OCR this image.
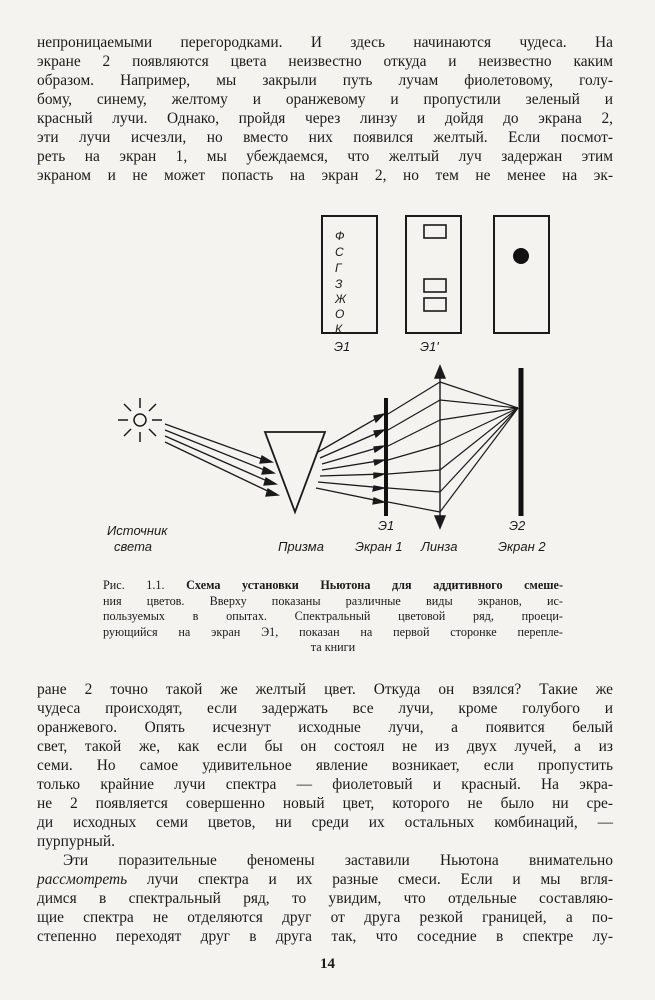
непроницаемыми перегородками. И здесь начинаются чудеса. На
экране 2 появляются цвета неизвестно откуда и неизвестно каким
образом. Например, мы закрыли путь лучам фиолетовому, голу-
бому, синему, желтому и оранжевому и пропустили зеленый и
красный лучи. Однако, пройдя через линзу и дойдя до экрана 2,
эти лучи исчезли, но вместо них появился желтый. Если посмот-
реть на экран 1, мы убеждаемся, что желтый луч задержан этим
экраном и не может попасть на экран 2, но тем не менее на эк-
Ф
С
Г
З
Ж
О
К
Э1	Э1'
Источник
света	Призма
Э1
Экран 1 Линза
Э2
Экран 2
Рис. 1.1. Схема установки Ньютона для аддитивного смеше-
ния цветов. Вверху показаны различные виды экранов, ис-
пользуемых в опытах. Спектральный цветовой ряд, проеци-
рующийся на экран Э1, показан на первой сторонке перепле-
та книги
ране 2 точно такой же желтый цвет. Откуда он взялся? Такие же
чудеса происходят, если задержать все лучи, кроме голубого и
оранжевого. Опять исчезнут исходные лучи, а появится белый
свет, такой же, как если бы он состоял не из двух лучей, а из
семи. Но самое удивительное явление возникает, если пропустить
только крайние лучи спектра — фиолетовый и красный. На экра-
не 2 появляется совершенно новый цвет, которого не было ни сре-
ди исходных семи цветов, ни среди их остальных комбинаций, —
пурпурный.
Эти поразительные феномены заставили Ньютона внимательно
рассмотреть лучи спектра и их разные смеси. Если и мы вгля-
димся в спектральный ряд, то увидим, что отдельные составляю-
щие спектра не отделяются друг от друга резкой границей, а по-
степенно переходят друг в друга так, что соседние в спектре лу-
14
